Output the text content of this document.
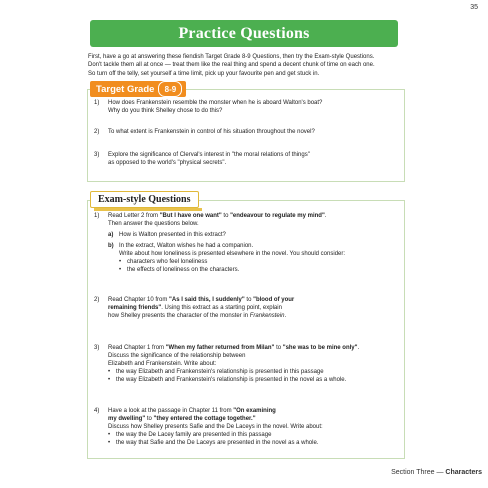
35
Practice Questions
First, have a go at answering these fiendish Target Grade 8-9 Questions, then try the Exam-style Questions.
Don't tackle them all at once — treat them like the real thing and spend a decent chunk of time on each one.
So turn off the telly, set yourself a time limit, pick up your favourite pen and get stuck in.
Target Grade	8-9
1) How does Frankenstein resemble the monster when he is aboard Walton's boat?
Why do you think Shelley chose to do this?
2) To what extent is Frankenstein in control of his situation throughout the novel?
3) Explore the significance of Clerval's interest in "the moral relations of things"
as opposed to the world's "physical secrets".
Exam-style Questions
1) Read Letter 2 from "But I have one want" to "endeavour to regulate my mind".
Then answer the questions below.
a) How is Walton presented in this extract?
b) In the extract, Walton wishes he had a companion.
Write about how loneliness is presented elsewhere in the novel. You should consider:
• characters who feel loneliness
• the effects of loneliness on the characters.
2) Read Chapter 10 from "As I said this, I suddenly" to "blood of your
remaining friends". Using this extract as a starting point, explain
how Shelley presents the character of the monster in Frankenstein.
3) Read Chapter 1 from "When my father returned from Milan" to "she was to be mine only".
Discuss the significance of the relationship between
Elizabeth and Frankenstein. Write about:
• the way Elizabeth and Frankenstein's relationship is presented in this passage
• the way Elizabeth and Frankenstein's relationship is presented in the novel as a whole.
4) Have a look at the passage in Chapter 11 from "On examining
my dwelling" to "they entered the cottage together."
Discuss how Shelley presents Safie and the De Laceys in the novel. Write about:
• the way the De Lacey family are presented in this passage
• the way that Safie and the De Laceys are presented in the novel as a whole.
Section Three — Characters
